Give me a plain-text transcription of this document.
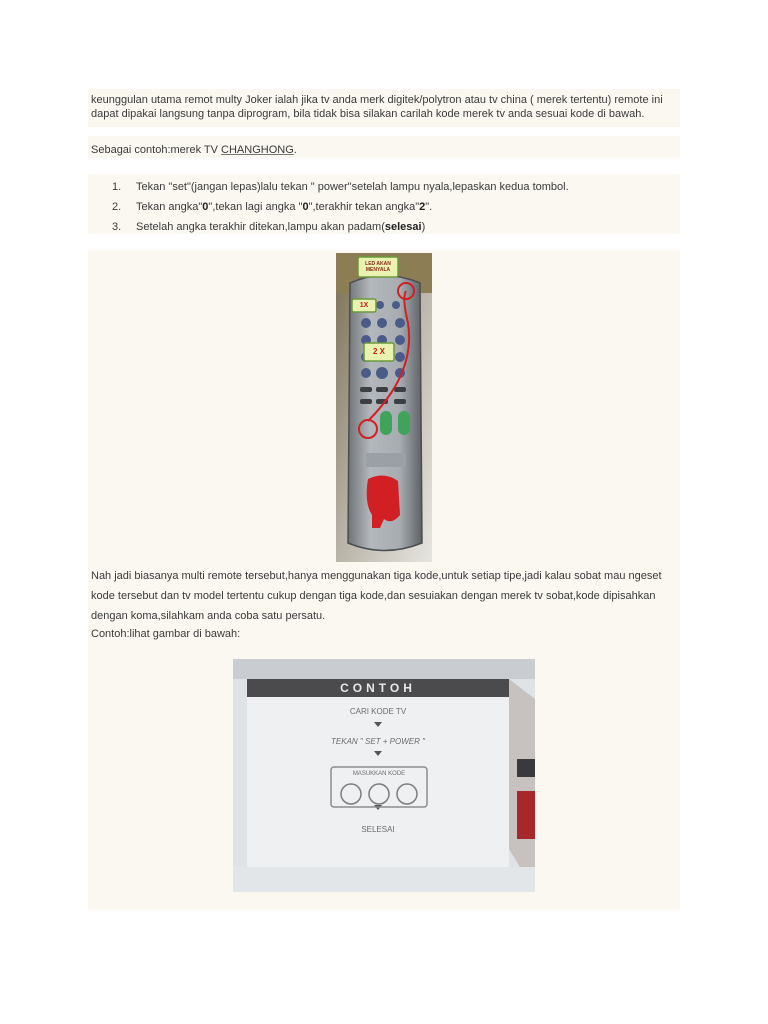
keunggulan utama remot multy Joker ialah jika tv anda merk digitek/polytron atau tv china ( merek tertentu) remote ini
dapat dipakai langsung tanpa diprogram, bila tidak bisa silakan carilah kode merek tv anda sesuai kode di bawah.
Sebagai contoh:merek TV CHANGHONG.
1. Tekan "set"(jangan lepas)lalu tekan " power"setelah lampu nyala,lepaskan kedua tombol.
2. Tekan angka"0",tekan lagi angka "0",terakhir tekan angka"2".
3. Setelah angka terakhir ditekan,lampu akan padam(selesai)
LED AKAN MENYALA
1X
2 X
Nah jadi biasanya multi remote tersebut,hanya menggunakan tiga kode,untuk setiap tipe,jadi kalau sobat mau ngeset
kode tersebut dan tv model tertentu cukup dengan tiga kode,dan sesuiakan dengan merek tv sobat,kode dipisahkan
dengan koma,silahkam anda coba satu persatu.
Contoh:lihat gambar di bawah:
CONTOH
CARI KODE TV
TEKAN " SET + POWER "
MASUKKAN KODE
SELESAI
